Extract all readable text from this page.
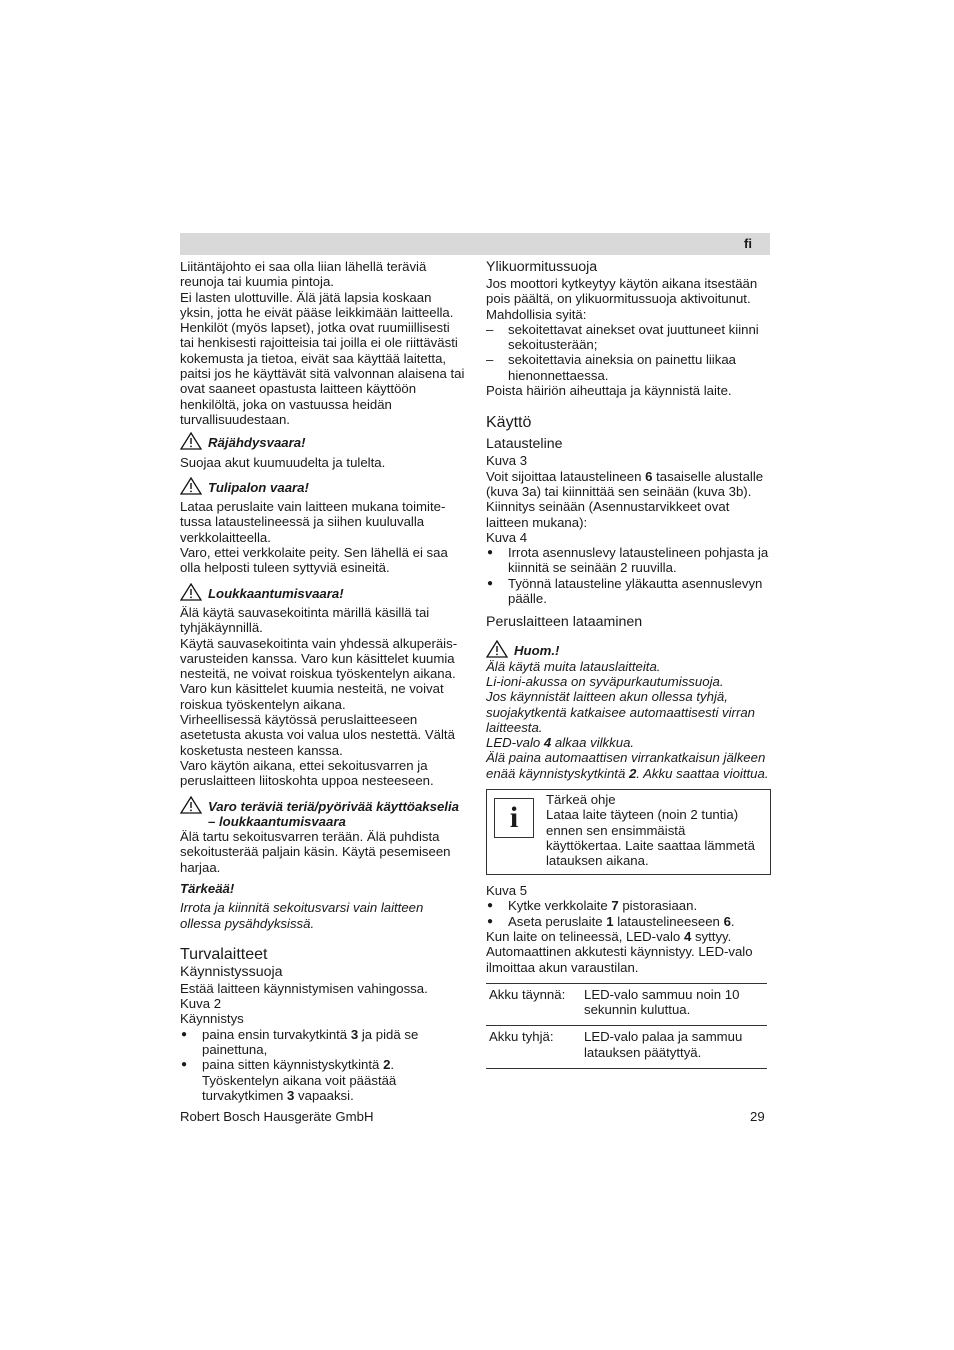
fi

Liitäntäjohto ei saa olla liian lähellä teräviä reunoja tai kuumia pintoja.

Ei lasten ulottuville. Älä jätä lapsia koskaan yksin, jotta he eivät pääse leikkimään laitteella.

Henkilöt (myös lapset), jotka ovat ruumiillisesti tai henkisesti rajoitteisia tai joilla ei ole riittävästi kokemusta ja tietoa, eivät saa käyttää laitetta, paitsi jos he käyttävät sitä valvonnan alaisena tai ovat saaneet opastusta laitteen käyttöön henkilöltä, joka on vastuussa heidän turvallisuudestaan.

Räjähdysvaara!

Suojaa akut kuumuudelta ja tulelta.

Tulipalon vaara!

Lataa peruslaite vain laitteen mukana toimite-tussa lataustelineessä ja siihen kuuluvalla verkkolaitteella.

Varo, ettei verkkolaite peity. Sen lähellä ei saa olla helposti tuleen syttyviä esineitä.

Loukkaantumisvaara!

Älä käytä sauvasekoitinta märillä käsillä tai tyhjäkäynnillä.

Käytä sauvasekoitinta vain yhdessä alkuperäis-varusteiden kanssa. Varo kun käsittelet kuumia nesteitä, ne voivat roiskua työskentelyn aikana.

Varo kun käsittelet kuumia nesteitä, ne voivat roiskua työskentelyn aikana.

Virheellisessä käytössä peruslaitteeseen asetetusta akusta voi valua ulos nestettä. Vältä kosketusta nesteen kanssa.

Varo käytön aikana, ettei sekoitusvarren ja peruslaitteen liitoskohta uppoa nesteeseen.

Varo teräviä teriä/pyörivää käyttöakselia – loukkaantumisvaara

Älä tartu sekoitusvarren terään. Älä puhdista sekoitusterää paljain käsin. Käytä pesemiseen harjaa.

Tärkeää!

Irrota ja kiinnitä sekoitusvarsi vain laitteen ollessa pysähdyksissä.

Turvalaitteet
Käynnistyssuoja

Estää laitteen käynnistymisen vahingossa.

Kuva 2

Käynnistys

● paina ensin turvakytkintä 3 ja pidä se painettuna,
● paina sitten käynnistyskytkintä 2. Työskentelyn aikana voit päästää turvakytkimen 3 vapaaksi.
Ylikuormitussuoja

Jos moottori kytkeytyy käytön aikana itsestään pois päältä, on ylikuormitussuoja aktivoitunut. Mahdollisia syitä:

– sekoitettavat ainekset ovat juuttuneet kiinni sekoitusterään;
– sekoitettavia aineksia on painettu liikaa hienonnettaessa.

Poista häiriön aiheuttaja ja käynnistä laite.

Käyttö
Latausteline
Kuva 3

Voit sijoittaa lataustelineen 6 tasaiselle alustalle (kuva 3a) tai kiinnittää sen seinään (kuva 3b).

Kiinnitys seinään (Asennustarvikkeet ovat laitteen mukana):

Kuva 4
● Irrota asennuslevy lataustelineen pohjasta ja kiinnitä se seinään 2 ruuvilla.
● Työnnä latausteline yläkautta asennuslevyn päälle.
Peruslaitteen lataaminen
Huom.!

Älä käytä muita latauslaitteita.

Li-ioni-akussa on syväpurkautumissuoja.

Jos käynnistät laitteen akun ollessa tyhjä, suojakytkentä katkaisee automaattisesti virran laitteesta.

LED-valo 4 alkaa vilkkua.

Älä paina automaattisen virrankatkaisun jälkeen enää käynnistyskytkintä 2. Akku saattaa vioittua.

i

Tärkeä ohje

Lataa laite täyteen (noin 2 tuntia) ennen sen ensimmäistä käyttökertaa. Laite saattaa lämmetä latauksen aikana.

Kuva 5
● Kytke verkkolaite 7 pistorasiaan.
● Aseta peruslaite 1 lataustelineeseen 6.

Kun laite on telineessä, LED-valo 4 syttyy. Automaattinen akkutesti käynnistyy. LED-valo ilmoittaa akun varaustilan.

Akku täynnä:	LED-valo sammuu noin 10 sekunnin kuluttua.
Akku tyhjä:	LED-valo palaa ja sammuu latauksen päätyttyä.
Robert Bosch Hausgeräte GmbH	29
